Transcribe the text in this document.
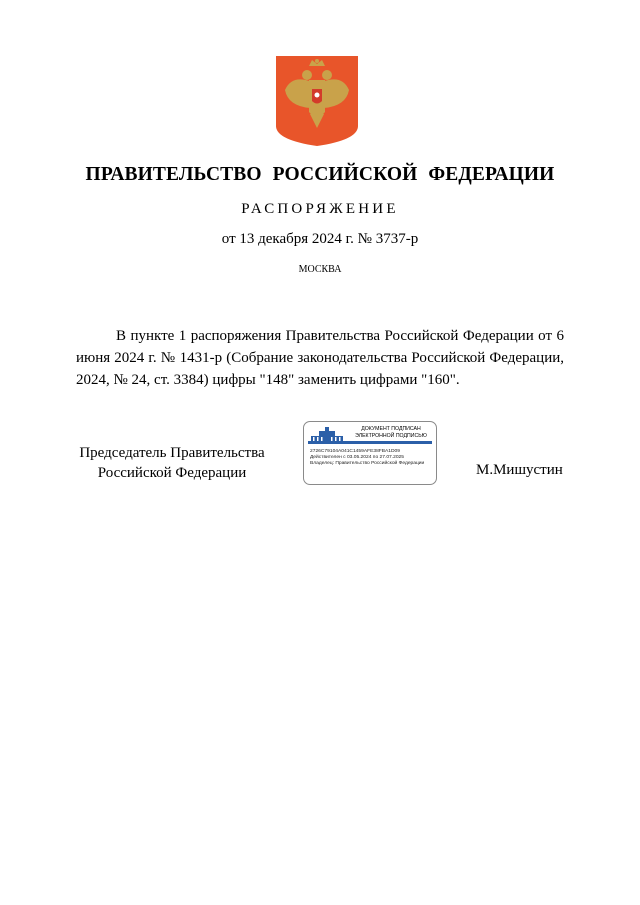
ПРАВИТЕЛЬСТВО РОССИЙСКОЙ ФЕДЕРАЦИИ
РАСПОРЯЖЕНИЕ
от 13 декабря 2024 г. № 3737-р
МОСКВА

В пункте 1 распоряжения Правительства Российской Федерации от 6 июня 2024 г. № 1431-р (Собрание законодательства Российской Федерации, 2024, № 24, ст. 3384) цифры "148" заменить цифрами "160".

Председатель Правительства
Российской Федерации
ДОКУМЕНТ ПОДПИСАН
ЭЛЕКТРОННОЙ ПОДПИСЬЮ
2726C79104A041C1459AFE38FBA1D09
Действителен с 03.05.2024 по 27.07.2025
Владелец: Правительство Российской Федерации	М.Мишустин
